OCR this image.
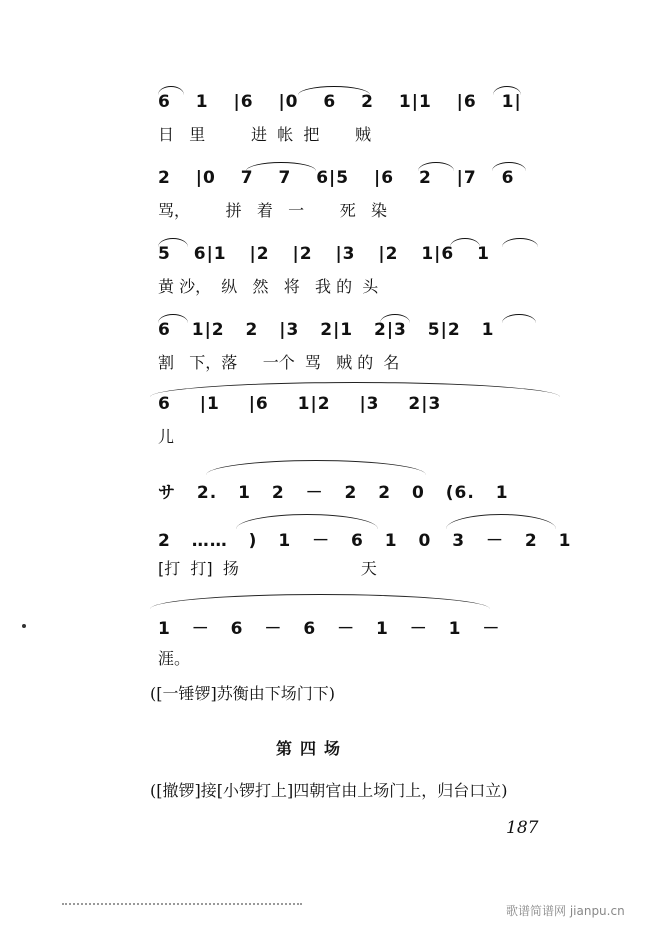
6 1 |6 |0 6 2 1|1 |6 1|
日   里         进  帐  把       贼
2 |0 7 7 6|5 |6 2 |7 6
骂，       拼   着   一       死   染
5 6|1 |2 |2 |3 |2 1|6 1
黄 沙，  纵   然   将   我 的  头
6 1|2 2 |3 2|1 2|3 5|2 1
割   下，落     一个  骂   贼 的  名
6 |1 |6 1|2 |3 2|3
儿
サ 2. 1 2 － 2 2 0 (6. 1
2 …… ) 1 － 6 1 0 3 － 2 1
[打  打]  扬                        天
1 － 6 － 6 － 1 － 1 －
涯。
([一锤锣]苏衡由下场门下)
第四场
([撤锣]接[小锣打上]四朝官由上场门上，归台口立)
187
歌谱简谱网 jianpu.cn
